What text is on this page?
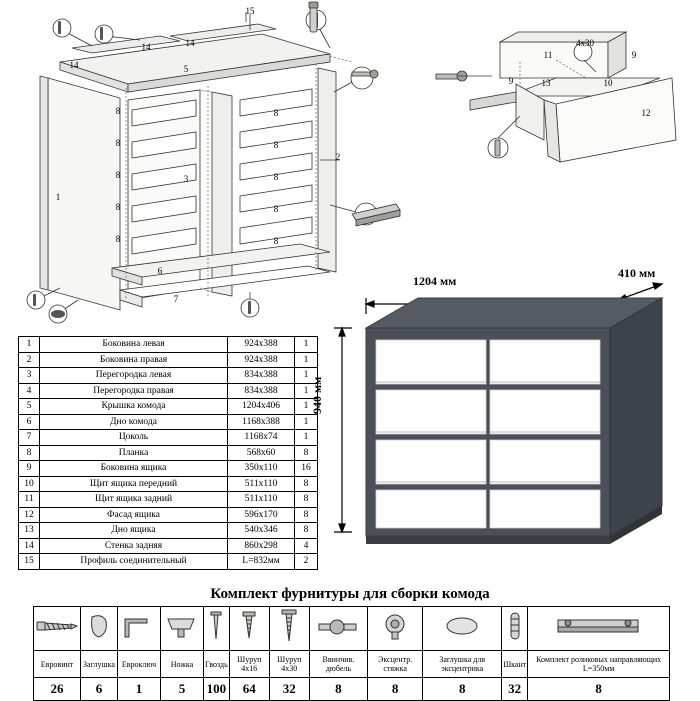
15
14
14	14
5
1
2
3
6
7
8
8
8
8
8
8
8
8
8
8
11
4х30
9
9
13	10
12
1	Боковина левая	924х388	1
2	Боковина правая	924х388	1
3	Перегородка левая	834х388	1
4	Перегородка правая	834х388	1
5	Крышка комода	1204х406	1
6	Дно комода	1168х388	1
7	Цоколь	1168х74	1
8	Планка	568х60	8
9	Боковина ящика	350х110	16
10	Щит ящика передний	511х110	8
11	Щит ящика задний	511х110	8
12	Фасад ящика	596х170	8
13	Дно ящика	540х346	8
14	Стенка задняя	860х298	4
15	Профиль соединительный	L=832мм	2
1204 мм
410 мм
940 мм
Комплект фурнитуры для сборки комода

Евровинт	Заглушка	Евроключ	Ножка	Гвоздь	Шуруп 4х16	Шуруп 4х30	Ввинчив. дюбель	Эксцентр. стяжка	Заглушка для эксцентрика	Шкант	Комплект роликовых направляющих L=350мм
26	6	1	5	100	64	32	8	8	8	32	8
